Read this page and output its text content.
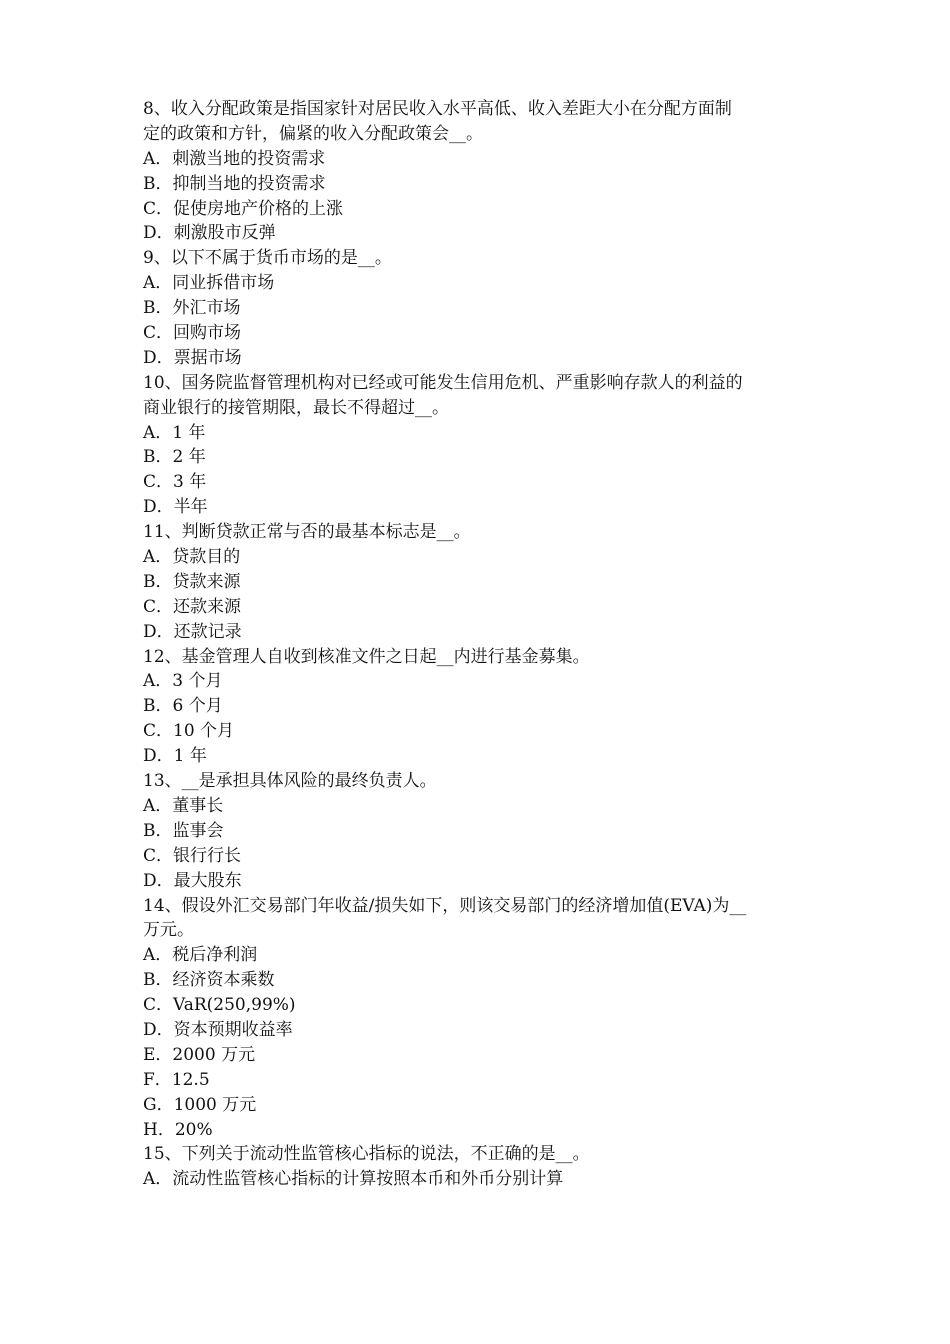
8、收入分配政策是指国家针对居民收入水平高低、收入差距大小在分配方面制
定的政策和方针，偏紧的收入分配政策会__。
A．刺激当地的投资需求
B．抑制当地的投资需求
C．促使房地产价格的上涨
D．刺激股市反弹
9、以下不属于货币市场的是__。
A．同业拆借市场
B．外汇市场
C．回购市场
D．票据市场
10、国务院监督管理机构对已经或可能发生信用危机、严重影响存款人的利益的
商业银行的接管期限，最长不得超过__。
A．1 年
B．2 年
C．3 年
D．半年
11、判断贷款正常与否的最基本标志是__。
A．贷款目的
B．贷款来源
C．还款来源
D．还款记录
12、基金管理人自收到核准文件之日起__内进行基金募集。
A．3 个月
B．6 个月
C．10 个月
D．1 年
13、__是承担具体风险的最终负责人。
A．董事长
B．监事会
C．银行行长
D．最大股东
14、假设外汇交易部门年收益/损失如下，则该交易部门的经济增加值(EVA)为__
万元。
A．税后净利润
B．经济资本乘数
C．VaR(250,99%)
D．资本预期收益率
E．2000 万元
F．12.5
G．1000 万元
H．20%
15、下列关于流动性监管核心指标的说法，不正确的是__。
A．流动性监管核心指标的计算按照本币和外币分别计算
